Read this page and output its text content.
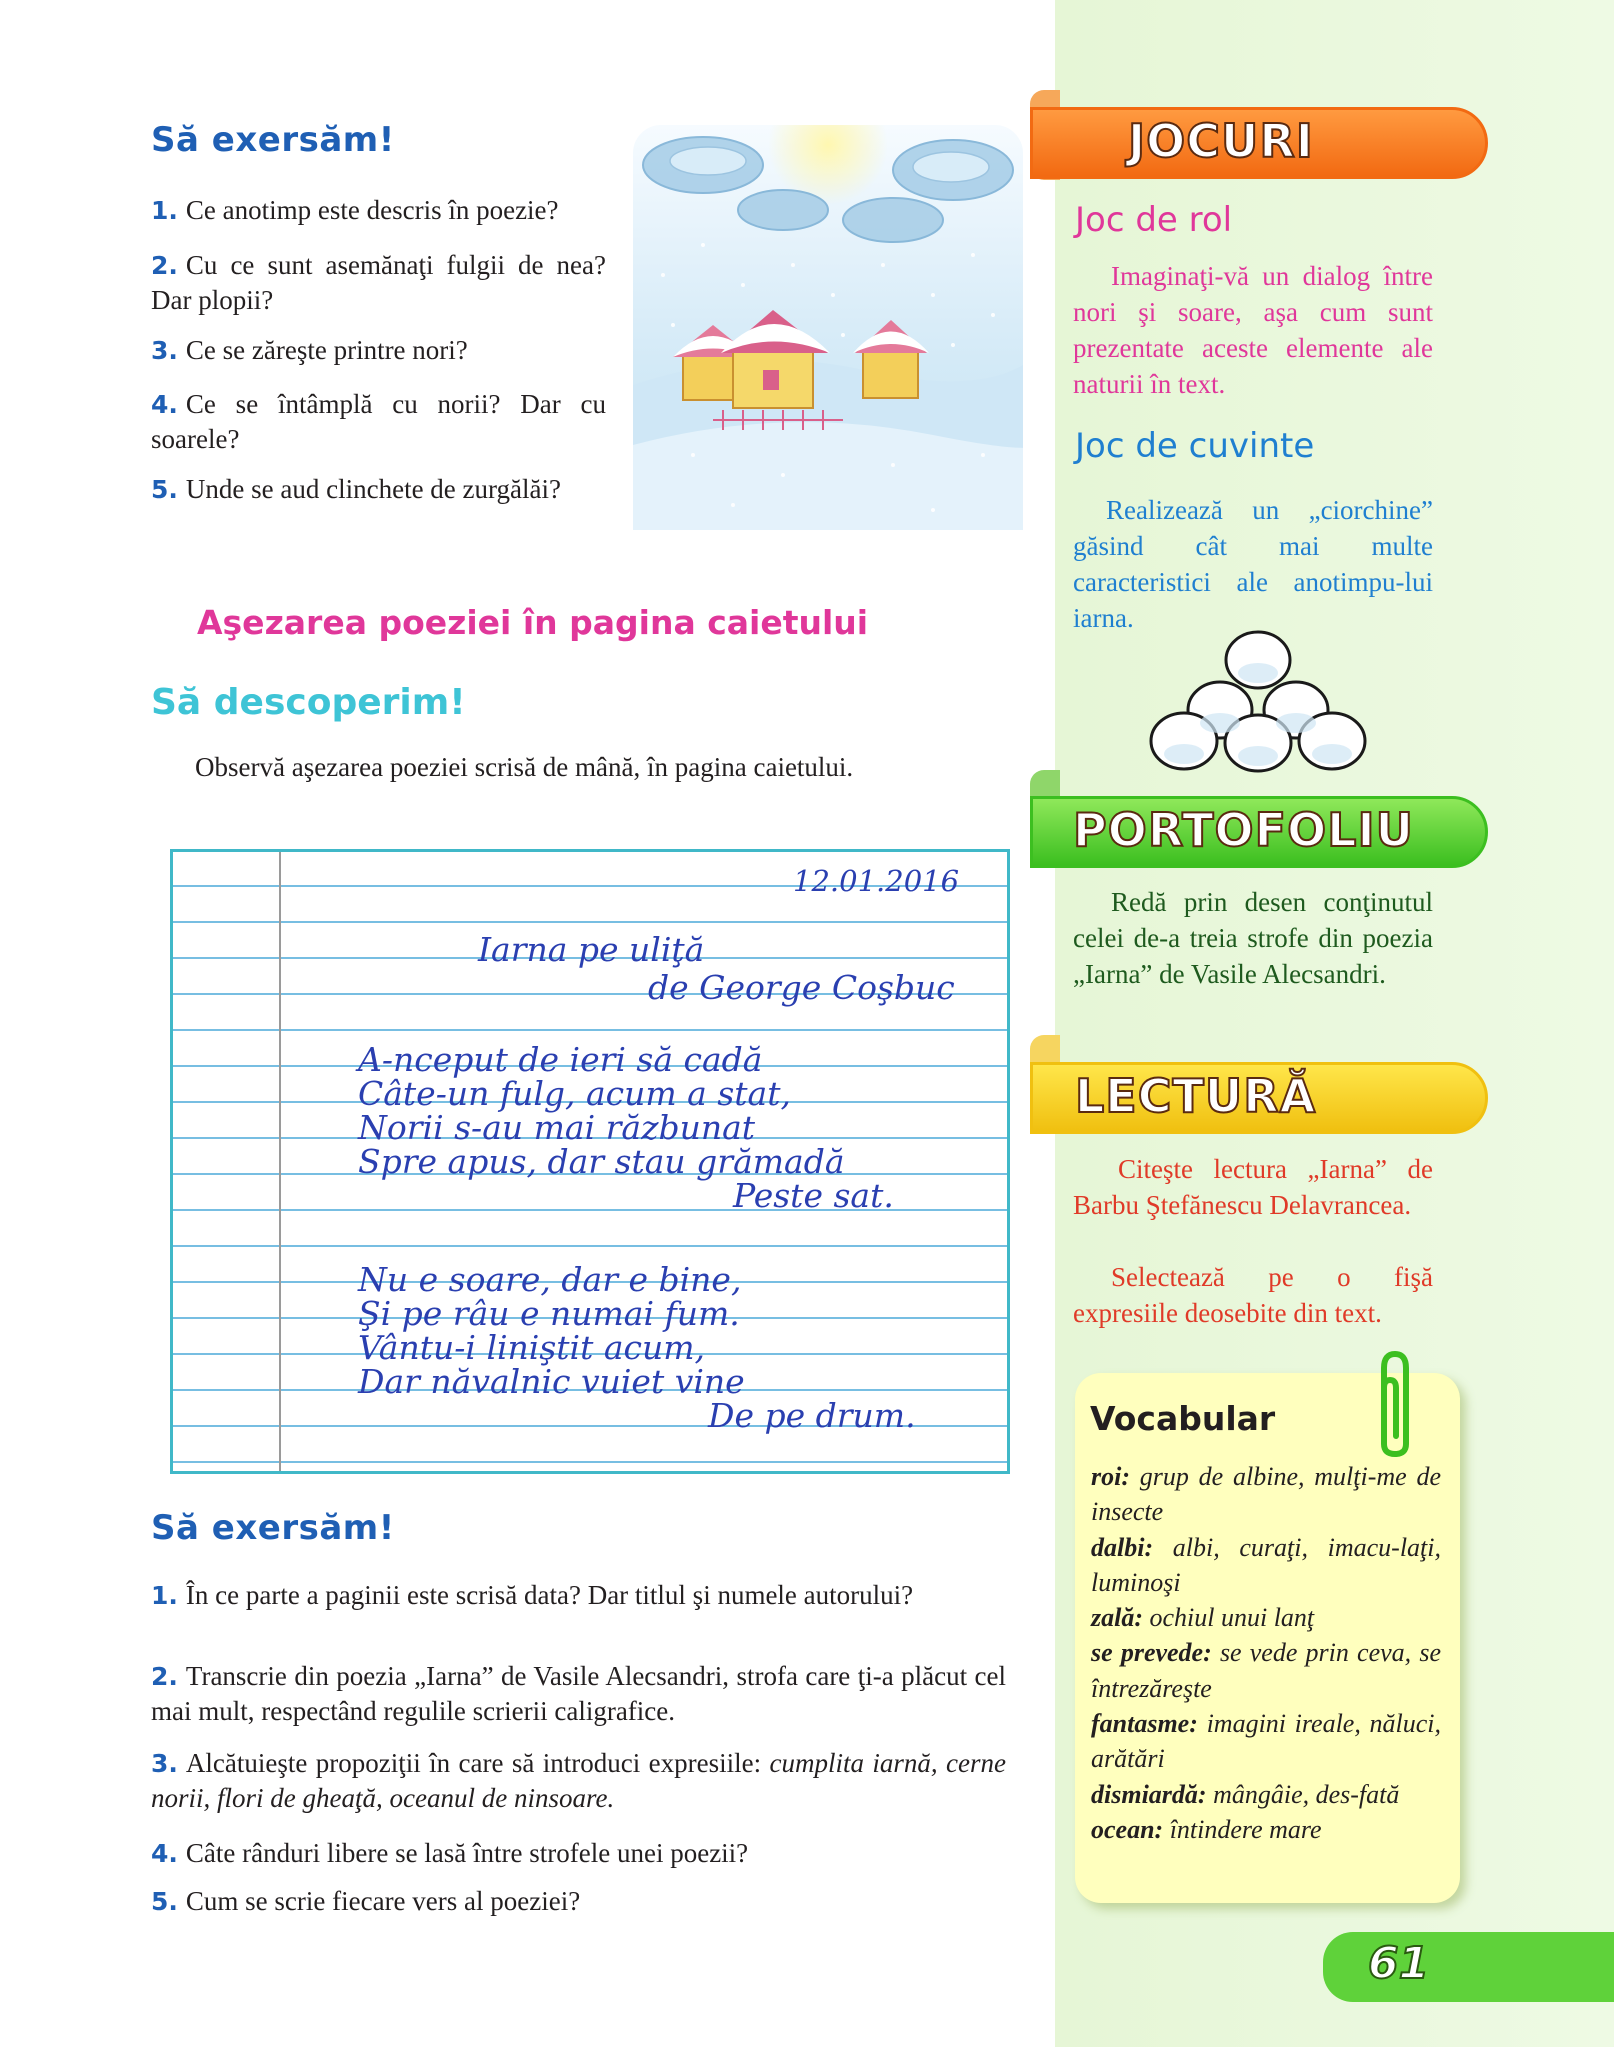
Să exersăm!
1. Ce anotimp este descris în poezie?
2. Cu ce sunt asemănaţi fulgii de nea? Dar plopii?
3. Ce se zăreşte printre nori?
4. Ce se întâmplă cu norii? Dar cu soarele?
5. Unde se aud clinchete de zurgălăi?
Aşezarea poeziei în pagina caietului
Să descoperim!
Observă aşezarea poeziei scrisă de mână, în pagina caietului.
12.01.2016
Iarna pe uliţă
de George Coşbuc
A-nceput de ieri să cadă
Câte-un fulg, acum a stat,
Norii s-au mai răzbunat
Spre apus, dar stau grămadă
Peste sat.
Nu e soare, dar e bine,
Şi pe râu e numai fum.
Vântu-i liniştit acum,
Dar năvalnic vuiet vine
De pe drum.
Să exersăm!
1. În ce parte a paginii este scrisă data? Dar titlul şi numele autorului?
2. Transcrie din poezia „Iarna” de Vasile Alecsandri, strofa care ţi-a plăcut cel mai mult, respectând regulile scrierii caligrafice.
3. Alcătuieşte propoziţii în care să introduci expresiile: cumplita iarnă, cerne norii, flori de gheaţă, oceanul de ninsoare.
4. Câte rânduri libere se lasă între strofele unei poezii?
5. Cum se scrie fiecare vers al poeziei?
JOCURI
Joc de rol
Imaginaţi-vă un dialog între nori şi soare, aşa cum sunt prezentate aceste elemente ale naturii în text.
Joc de cuvinte
Realizează un „ciorchine” găsind cât mai multe caracteristici ale anotimpu-lui iarna.
PORTOFOLIU
Redă prin desen conţinutul celei de-a treia strofe din poezia „Iarna” de Vasile Alecsandri.
LECTURĂ
Citeşte lectura „Iarna” de Barbu Ştefănescu Delavrancea.
Selectează pe o fişă expresiile deosebite din text.
Vocabular
roi: grup de albine, mulţi-me de insecte
dalbi: albi, curaţi, imacu-laţi, luminoşi
zală: ochiul unui lanţ
se prevede: se vede prin ceva, se întrezăreşte
fantasme: imagini ireale, năluci, arătări
dismiardă: mângâie, des-fată
ocean: întindere mare
61
